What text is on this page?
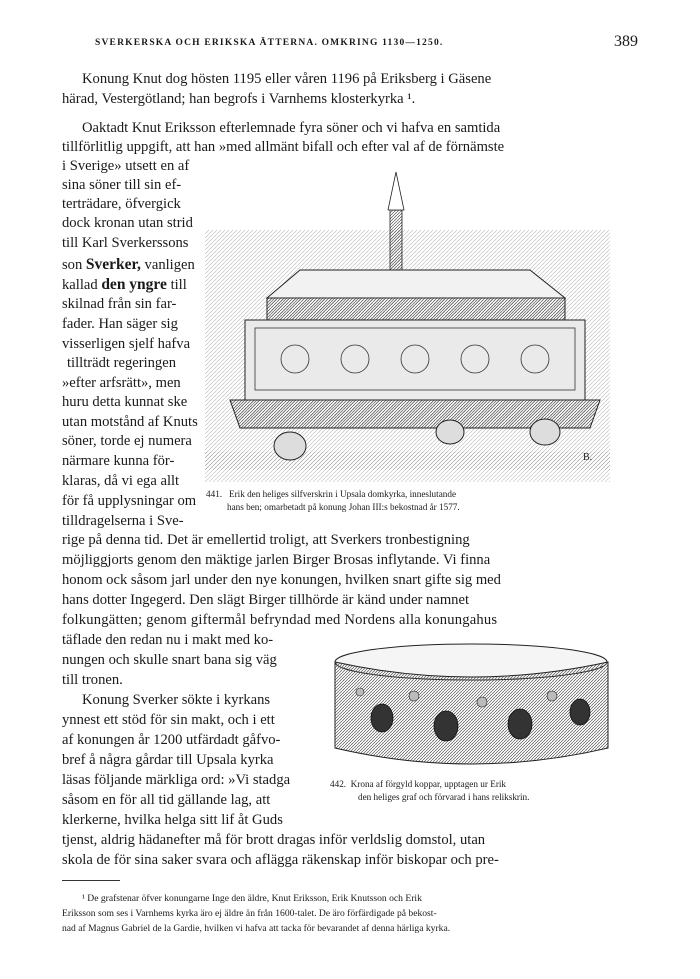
SVERKERSKA OCH ERIKSKA ÄTTERNA. OMKRING 1130—1250.	389
Konung Knut dog hösten 1195 eller våren 1196 på Eriksberg i Gäsene
härad, Vestergötland; han begrofs i Varnhems klosterkyrka ¹.
Oaktadt Knut Eriksson efterlemnade fyra söner och vi hafva en samtida
tillförlitlig uppgift, att han »med allmänt bifall och efter val af de förnämste
i Sverige» utsett en af
sina söner till sin ef-
terträdare, öfvergick
dock kronan utan strid
till Karl Sverkerssons
son Sverker, vanligen
kallad den yngre till
skilnad från sin far-
fader. Han säger sig
visserligen sjelf hafva
tillträdt regeringen
»efter arfsrätt», men
huru detta kunnat ske
utan motstånd af Knuts
söner, torde ej numera
närmare kunna för-
klaras, då vi ega allt
för få upplysningar om
tilldragelserna i Sve-
rige på denna tid. Det är emellertid troligt, att Sverkers tronbestigning
möjliggjorts genom den mäktige jarlen Birger Brosas inflytande. Vi finna
honom ock såsom jarl under den nye konungen, hvilken snart gifte sig med
hans dotter Ingegerd. Den slägt Birger tillhörde är känd under namnet
folkungätten; genom giftermål befryndad med Nordens alla konungahus
täflade den redan nu i makt med ko-
nungen och skulle snart bana sig väg
till tronen.
Konung Sverker sökte i kyrkans
ynnest ett stöd för sin makt, och i ett
af konungen år 1200 utfärdadt gåfvo-
bref å några gårdar till Upsala kyrka
läsas följande märkliga ord: »Vi stadga
såsom en för all tid gällande lag, att
klerkerne, hvilka helga sitt lif åt Guds
tjenst, aldrig hädanefter må för brott dragas inför verldslig domstol, utan
skola de för sina saker svara och aflägga räkenskap inför biskopar och pre-
B.
441. Erik den heliges silfverskrin i Upsala domkyrka, inneslutande
hans ben; omarbetadt på konung Johan III:s bekostnad år 1577.
442. Krona af förgyld koppar, upptagen ur Erik
den heliges graf och förvarad i hans relikskrin.
¹ De grafstenar öfver konungarne Inge den äldre, Knut Eriksson, Erik Knutsson och Erik
Eriksson som ses i Varnhems kyrka äro ej äldre än från 1600-talet. De äro förfärdigade på bekost-
nad af Magnus Gabriel de la Gardie, hvilken vi hafva att tacka för bevarandet af denna härliga kyrka.
